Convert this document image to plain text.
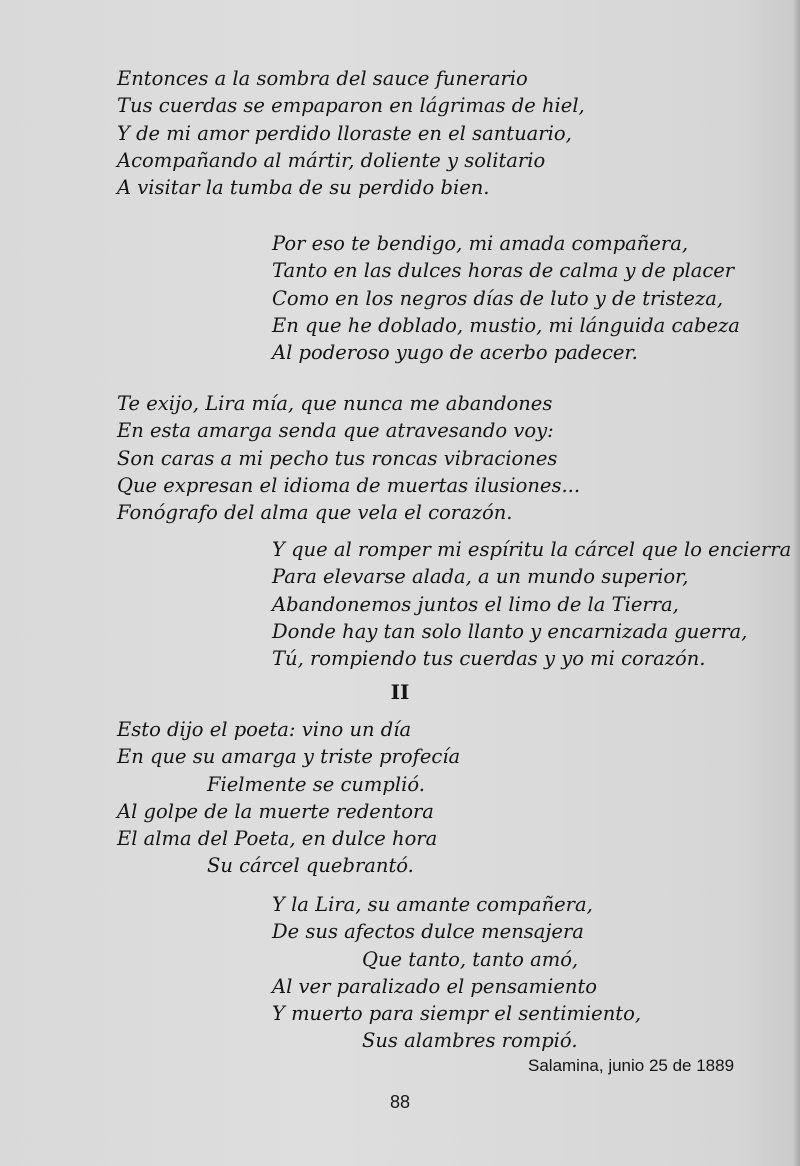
Entonces a la sombra del sauce funerario
Tus cuerdas se empaparon en lágrimas de hiel,
Y de mi amor perdido lloraste en el santuario,
Acompañando al mártir, doliente y solitario
A visitar la tumba de su perdido bien.
Por eso te bendigo, mi amada compañera,
Tanto en las dulces horas de calma y de placer
Como en los negros días de luto y de tristeza,
En que he doblado, mustio, mi lánguida cabeza
Al poderoso yugo de acerbo padecer.
Te exijo, Lira mía, que nunca me abandones
En esta amarga senda que atravesando voy:
Son caras a mi pecho tus roncas vibraciones
Que expresan el idioma de muertas ilusiones...
Fonógrafo del alma que vela el corazón.
Y que al romper mi espíritu la cárcel que lo encierra
Para elevarse alada, a un mundo superior,
Abandonemos juntos el limo de la Tierra,
Donde hay tan solo llanto y encarnizada guerra,
Tú, rompiendo tus cuerdas y yo mi corazón.
II
Esto dijo el poeta: vino un día
En que su amarga y triste profecía
Fielmente se cumplió.
Al golpe de la muerte redentora
El alma del Poeta, en dulce hora
Su cárcel quebrantó.
Y la Lira, su amante compañera,
De sus afectos dulce mensajera
Que tanto, tanto amó,
Al ver paralizado el pensamiento
Y muerto para siempr el sentimiento,
Sus alambres rompió.
Salamina, junio 25 de 1889
88
